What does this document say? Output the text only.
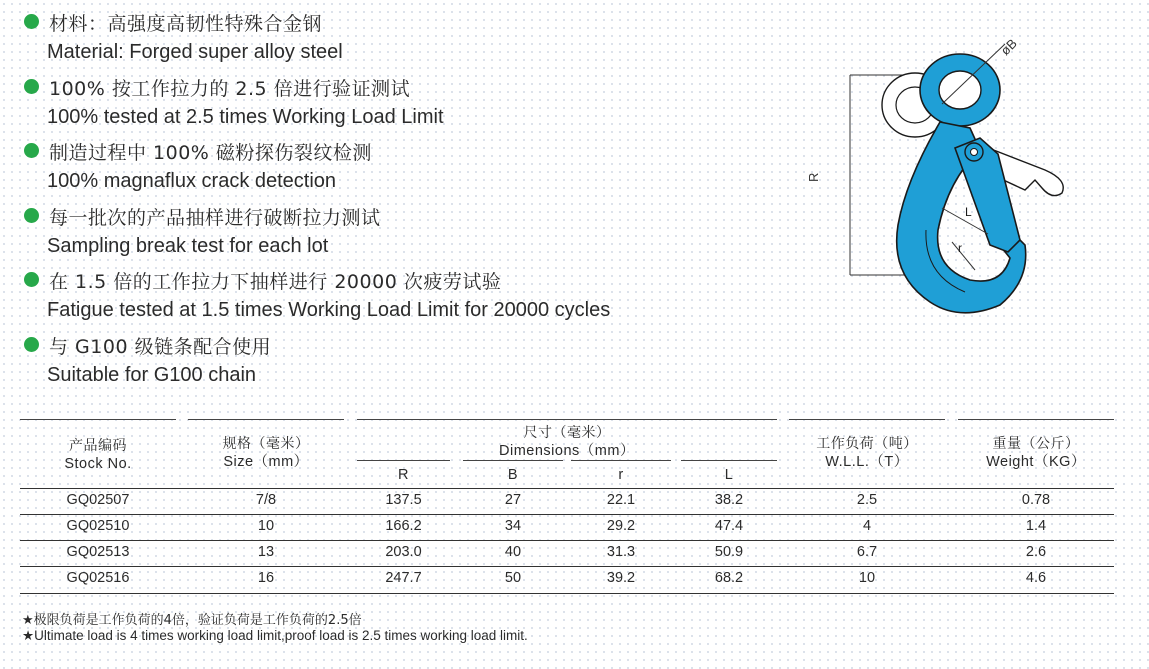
材料：高强度高韧性特殊合金钢
Material: Forged super alloy steel
100% 按工作拉力的 2.5 倍进行验证测试
100% tested at 2.5 times Working Load Limit
制造过程中 100% 磁粉探伤裂纹检测
100% magnaflux crack detection
每一批次的产品抽样进行破断拉力测试
Sampling break test for each lot
在 1.5 倍的工作拉力下抽样进行 20000 次疲劳试验
Fatigue tested at 1.5 times Working Load Limit for 20000 cycles
与 G100 级链条配合使用
Suitable for G100 chain
R
øB
L
r
产品编码
Stock No.
规格（毫米）
Size（mm）
尺寸（毫米）
Dimensions（mm）
R	B	r	L
工作负荷（吨）
W.L.L.（T）
重量（公斤）
Weight（KG）
GQ02507	7/8	137.5	27	22.1	38.2	2.5	0.78
GQ02510	10	166.2	34	29.2	47.4	4	1.4
GQ02513	13	203.0	40	31.3	50.9	6.7	2.6
GQ02516	16	247.7	50	39.2	68.2	10	4.6
★极限负荷是工作负荷的4倍，验证负荷是工作负荷的2.5倍
★Ultimate load is 4 times working load limit,proof load is 2.5 times working load limit.
